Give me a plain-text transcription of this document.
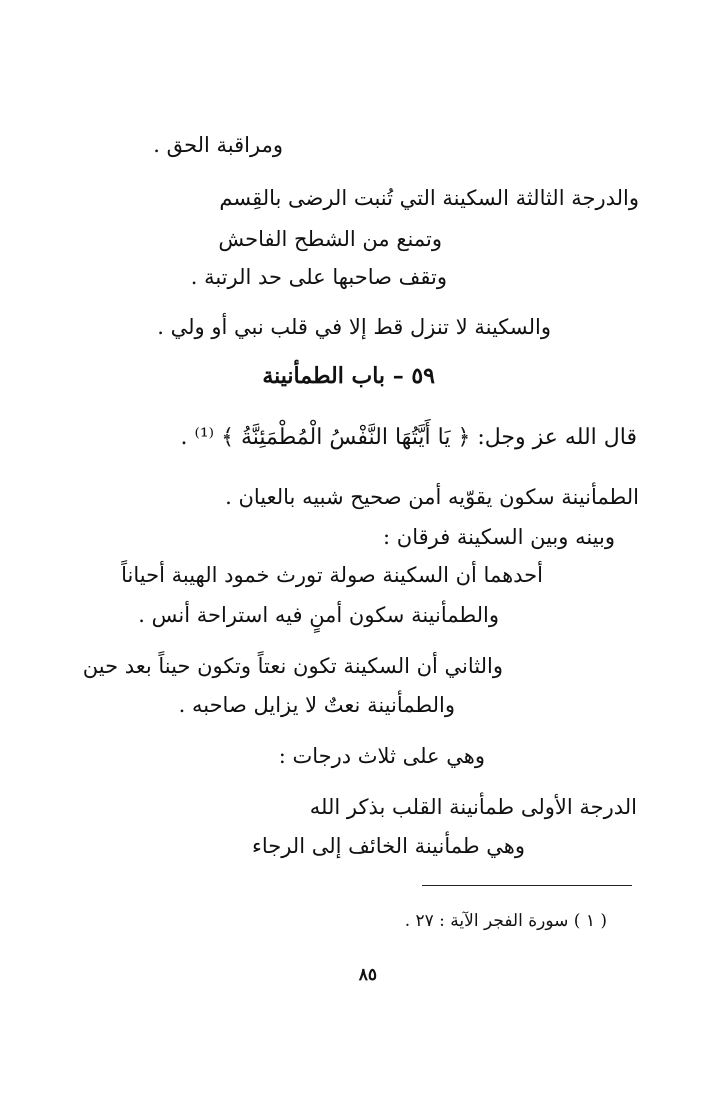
ومراقبة الحق .
والدرجة الثالثة السكينة التي تُنبت الرضى بالقِسم
وتمنع من الشطح الفاحش
وتقف صاحبها على حد الرتبة .
والسكينة لا تنزل قط إلا في قلب نبي أو ولي .
٥٩ – باب الطمأنينة
قال الله عز وجل: ﴿ يَا أَيَّتُهَا النَّفْسُ الْمُطْمَئِنَّةُ ﴾ ⁽¹⁾ .
الطمأنينة سكون يقوّيه أمن صحيح شبيه بالعيان .
وبينه وبين السكينة فرقان :
أحدهما أن السكينة صولة تورث خمود الهيبة أحياناً
والطمأنينة سكون أمنٍ فيه استراحة أنس .
والثاني أن السكينة تكون نعتاً وتكون حيناً بعد حين
والطمأنينة نعتٌ لا يزايل صاحبه .
وهي على ثلاث درجات :
الدرجة الأولى طمأنينة القلب بذكر الله
وهي طمأنينة الخائف إلى الرجاء
( ١ ) سورة الفجر الآية : ٢٧ .
٨٥
